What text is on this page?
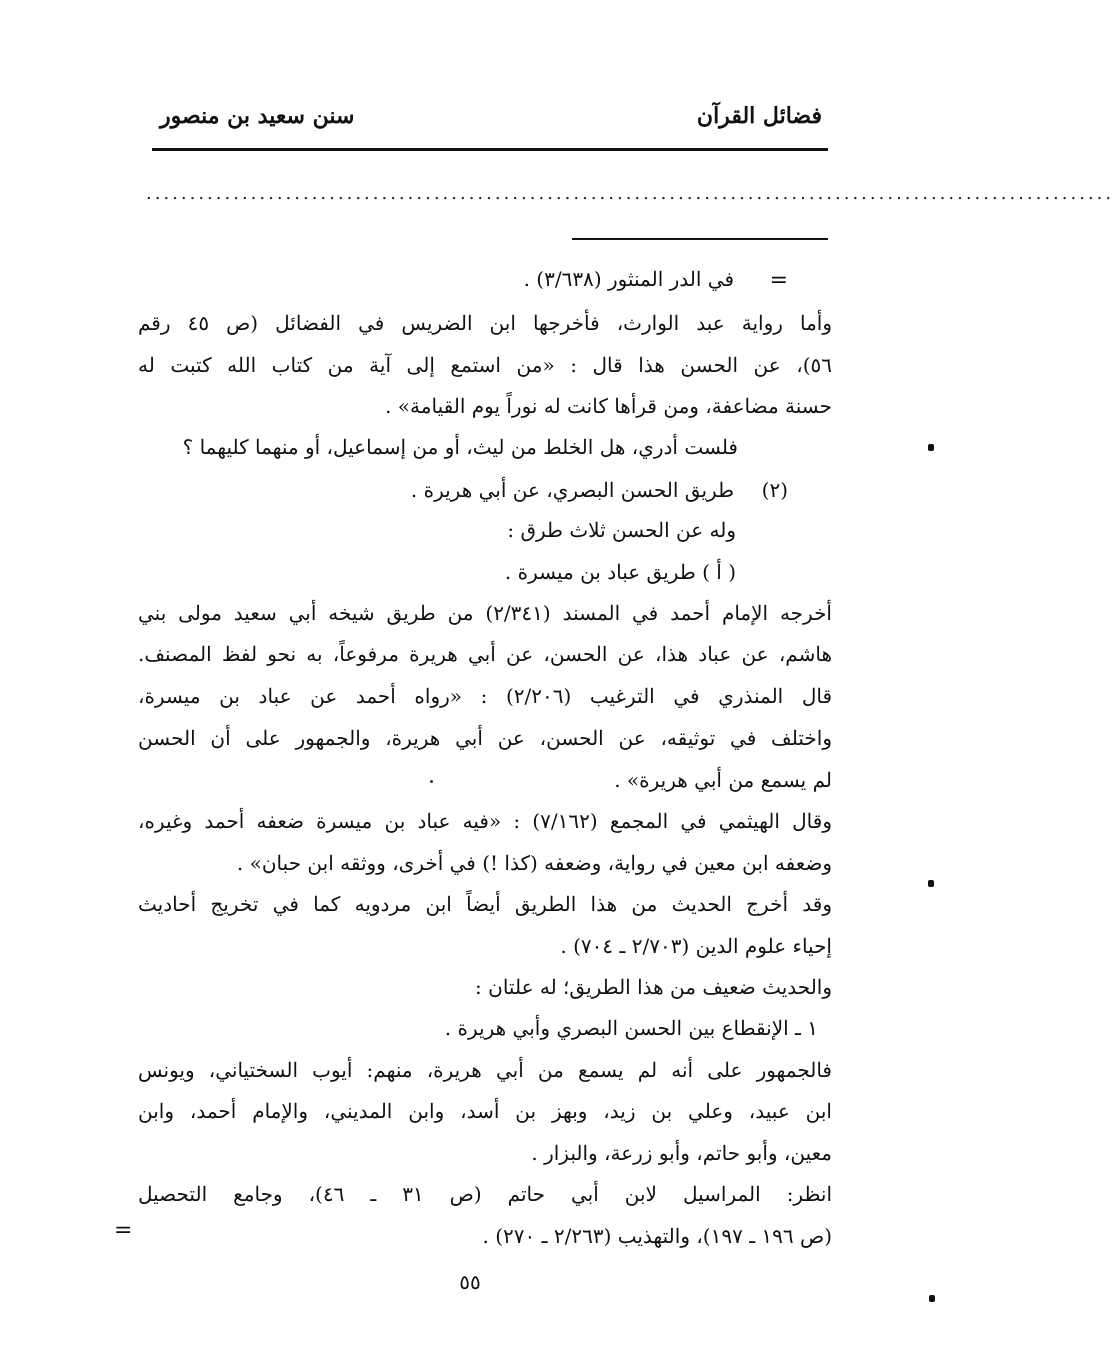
فضائل القرآن
سنن سعيد بن منصور
...............................................................................................................
=
في الدر المنثور (٣/٦٣٨) .
وأما رواية عبد الوارث، فأخرجها ابن الضريس في الفضائل (ص ٤٥ رقم
٥٦)، عن الحسن هذا قال : «من استمع إلى آية من كتاب الله كتبت له
حسنة مضاعفة، ومن قرأها كانت له نوراً يوم القيامة» .
فلست أدري، هل الخلط من ليث، أو من إسماعيل، أو منهما كليهما ؟
(٢)
طريق الحسن البصري، عن أبي هريرة .
وله عن الحسن ثلاث طرق :
( أ ) طريق عباد بن ميسرة .
أخرجه الإمام أحمد في المسند (٢/٣٤١) من طريق شيخه أبي سعيد مولى بني
هاشم، عن عباد هذا، عن الحسن، عن أبي هريرة مرفوعاً، به نحو لفظ المصنف.
قال المنذري في الترغيب (٢/٢٠٦) : «رواه أحمد عن عباد بن ميسرة،
واختلف في توثيقه، عن الحسن، عن أبي هريرة، والجمهور على أن الحسن
لم يسمع من أبي هريرة» .
وقال الهيثمي في المجمع (٧/١٦٢) : «فيه عباد بن ميسرة ضعفه أحمد وغيره،
وضعفه ابن معين في رواية، وضعفه (كذا !) في أخرى، ووثقه ابن حبان» .
وقد أخرج الحديث من هذا الطريق أيضاً ابن مردويه كما في تخريج أحاديث
إحياء علوم الدين (٢/٧٠٣ ـ ٧٠٤) .
والحديث ضعيف من هذا الطريق؛ له علتان :
١ ـ الإنقطاع بين الحسن البصري وأبي هريرة .
فالجمهور على أنه لم يسمع من أبي هريرة، منهم: أيوب السختياني، ويونس
ابن عبيد، وعلي بن زيد، وبهز بن أسد، وابن المديني، والإمام أحمد، وابن
معين، وأبو حاتم، وأبو زرعة، والبزار .
انظر: المراسيل لابن أبي حاتم (ص ٣١ ـ ٤٦)، وجامع التحصيل
(ص ١٩٦ ـ ١٩٧)، والتهذيب (٢/٢٦٣ ـ ٢٧٠) .
=
٥٥
